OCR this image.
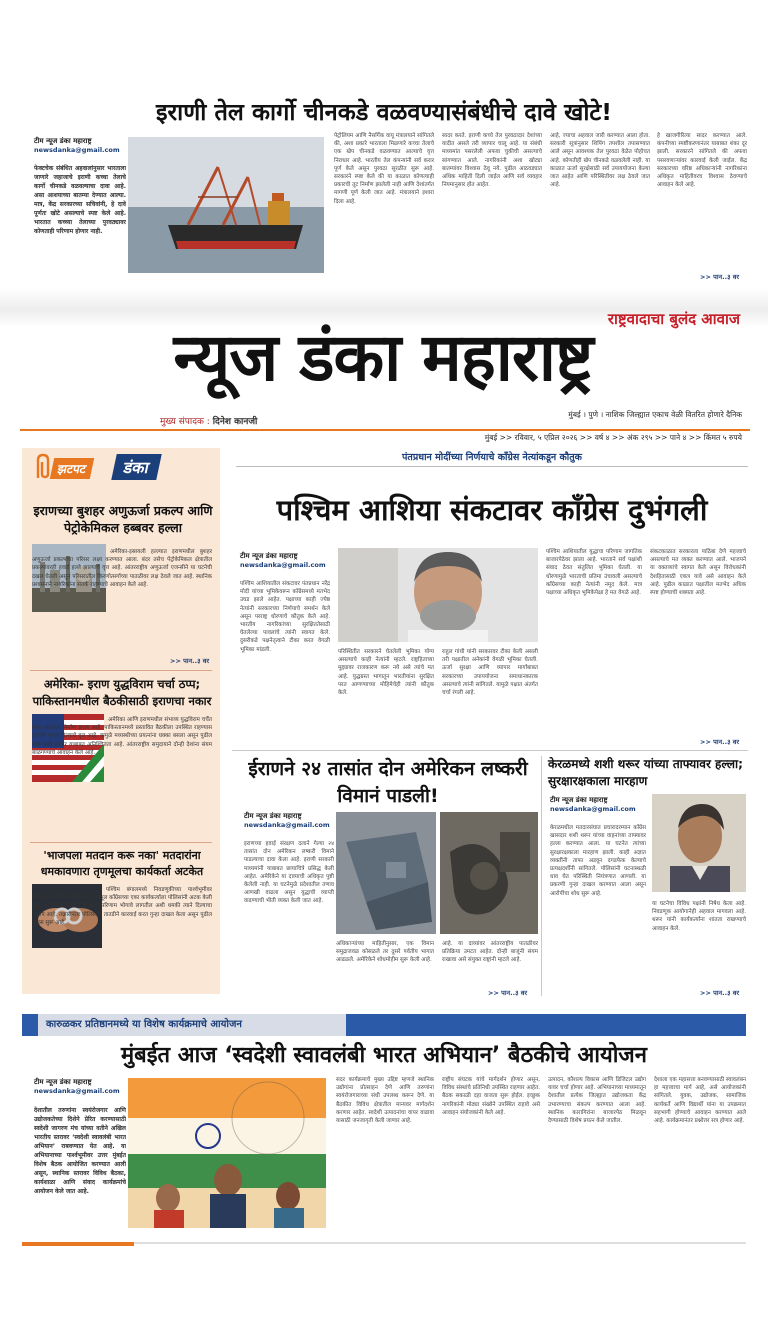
इराणी तेल कार्गो चीनकडे वळवण्यासंबंधीचे दावे खोटे!
टीम न्यूज डंका महाराष्ट्र
newsdanka@gmail.com
फेक्टचेक संबंधित अहवालांनुसार भारताला जाणारे जहाजाचे इराणी कच्चा तेलाचे कार्गो चीनकडे वळवल्याचा दावा आहे. असा आशयाच्या बातम्या देण्यात आल्या. मात्र, केंद्र सरकारच्या सचिवांनी, हे दावे पूर्णतः खोटे असल्याचे स्पष्ट केले आहे. भारतात कच्च्या तेलाच्या पुरवठ्यावर कोणताही परिणाम होणार नाही.
पेट्रोलियम आणि नैसर्गिक वायू मंत्रालयाने सांगितले की, अशा प्रकारे भारताला मिळणारे कच्चा तेलाचे एक खेप चीनकडे वळवण्यात आल्याचे वृत्त निराधार आहे. भारतीय तेल कंपन्यांनी सर्व करार पूर्ण केले असून पुरवठा सुरळीत सुरू आहे. सरकारने स्पष्ट केले की या काळात कोणत्याही प्रकारची तूट निर्माण झालेली नाही आणि देशांतर्गत मागणी पूर्ण केली जात आहे. मंत्रालयाने इशारा दिला आहे.
सादर करते. इराणी कच्चे तेल पुरवठादार देशांच्या यादीत असले तरी व्यापार चालू आहे. या संबंधी माध्यमांत पसरलेली अफवा चुकीची असल्याचे सांगण्यात आले. नागरिकांनी अशा खोट्या बातम्यांवर विश्वास ठेवू नये. पुढील आठवड्यात अधिक माहिती दिली जाईल आणि सर्व व्यवहार नियमानुसार होत आहेत.
आहे, ज्याचा अहवाल जारी करण्यात आला होता. सरकारी सूत्रांनुसार शिपिंग तपशील तपासण्यात आले असून आवश्यक तेल पुरवठा वेळेत पोहोचत आहे. कोणतीही खेप चीनकडे वळवलेली नाही. या काळात ऊर्जा सुरक्षेसाठी सर्व उपाययोजना केल्या जात आहेत आणि परिस्थितीवर लक्ष ठेवले जात आहे.
हे खाजगीरित्या सादर करण्यात आले. कंपनीच्या स्पष्टीकरणानंतर याबाबत शंका दूर झाली. सरकारने सांगितले की अफवा पसरवणाऱ्यांवर कारवाई केली जाईल. केंद्र सरकारच्या वरिष्ठ अधिकाऱ्यांनी नागरिकांना अधिकृत माहितीवरच विश्वास ठेवण्याचे आवाहन केले आहे.
>> पान..३ वर
राष्ट्रवादाचा बुलंद आवाज
न्यूज डंका महाराष्ट्र
मुख्य संपादक : दिनेश कानजी
मुंबई । पुणे । नाशिक जिल्ह्यात एकाच वेळी वितरित होणारे दैनिक
मुंबई >> रविवार, ५ एप्रिल २०२६ >> वर्ष ४ >> अंक २९५ >> पाने ४ >> किंमत ५ रुपये
झटपट	डंका
इराणच्या बुशहर अणुऊर्जा प्रकल्प आणि पेट्रोकेमिकल हब्बवर हल्ला
अमेरिका-इस्रायली हल्ल्यात इराणमधील बुशहर अणुऊर्जा प्रकल्पाचा परिसर लक्ष्य करण्यात आला. बंदर तसेच पेट्रोकेमिकल क्षेत्रातील प्रकल्पांवरही हवाई हल्ले झाल्याचे वृत्त आहे. आंतरराष्ट्रीय अणुऊर्जा एजन्सीने या घटनेची दखल घेतली असून परिसरातील किरणोत्सर्गाच्या पातळीवर लक्ष ठेवले जात आहे. स्थानिक प्रशासनाने नागरिकांना सतर्क राहण्याचे आवाहन केले आहे.
>> पान..३ वर
अमेरिका- इराण युद्धविराम चर्चा ठप्प; पाकिस्तानमधील बैठकीसाठी इराणचा नकार
अमेरिका आणि इराणमधील संभाव्य युद्धविराम चर्चेत मोठा अडथळा निर्माण झाला आहे. पाकिस्तानमध्ये प्रस्तावित बैठकीला उपस्थित राहण्यास इराणने नकार दिल्याचे वृत्त आहे. यामुळे मध्यस्थीच्या प्रयत्नांना धक्का बसला असून पुढील चर्चा कधी होणार याबाबत अनिश्चितता आहे. आंतरराष्ट्रीय समुदायाने दोन्ही देशांना संयम बाळगण्याचे आवाहन केले आहे.
'भाजपला मतदान करू नका' मतदारांना धमकावणारा तृणमूलचा कार्यकर्ता अटकेत
पश्चिम बंगालमध्ये निवडणुकीच्या पार्श्वभूमीवर मतदारांना धमकावल्याप्रकरणी तृणमूल काँग्रेसच्या एका कार्यकर्त्याला पोलिसांनी अटक केली आहे. भाजपला मतदान केल्यास परिणाम भोगावे लागतील अशी धमकी त्याने दिल्याचा आरोप आहे. तक्रारीनंतर पोलिसांनी तातडीने कारवाई करत गुन्हा दाखल केला असून पुढील तपास सुरू आहे.
पंतप्रधान मोदींच्या निर्णयाचे काँग्रेस नेत्यांकडून कौतुक
पश्चिम आशिया संकटावर काँग्रेस दुभंगली
टीम न्यूज डंका महाराष्ट्र
newsdanka@gmail.com
पश्चिम आशियातील संकटावर पंतप्रधान नरेंद्र मोदी यांच्या भूमिकेवरून काँग्रेसमध्ये मतभेद उघड झाले आहेत. पक्षाच्या काही ज्येष्ठ नेत्यांनी सरकारच्या निर्णयाचे समर्थन केले असून परराष्ट्र धोरणाचे कौतुक केले आहे. भारतीय नागरिकांच्या सुरक्षिततेसाठी घेतलेल्या पावलांचे त्यांनी स्वागत केले. दुसरीकडे पक्षनेतृत्वाने टीका करत वेगळी भूमिका मांडली.	परिस्थितीत सरकारने घेतलेली भूमिका योग्य असल्याचे काही नेत्यांनी म्हटले. राष्ट्रहिताच्या मुद्द्यावर राजकारण करू नये असे त्यांचे मत आहे. युद्धग्रस्त भागातून भारतीयांना सुरक्षित परत आणण्याच्या मोहिमेचेही त्यांनी कौतुक केले.
राहुल गांधी यांनी सरकारवर टीका केली असली तरी पक्षातील अनेकांनी वेगळी भूमिका घेतली. ऊर्जा सुरक्षा आणि व्यापार मार्गांबाबत सरकारच्या उपाययोजना समाधानकारक असल्याचे त्यांनी सांगितले. यामुळे पक्षात अंतर्गत चर्चा रंगली आहे.
पश्चिम आशियातील युद्धाचा परिणाम जागतिक बाजारपेठेवर झाला आहे. भारताने सर्व पक्षांशी संवाद ठेवत संतुलित भूमिका घेतली. या धोरणामुळे भारताची प्रतिमा उंचावली असल्याचे काँग्रेसच्या काही नेत्यांनी नमूद केले. मात्र पक्षाच्या अधिकृत भूमिकेपेक्षा हे मत वेगळे आहे.
संकटकाळात सरकारला पाठिंबा देणे महत्त्वाचे असल्याचे मत व्यक्त करण्यात आले. भाजपने या वक्तव्यांचे स्वागत केले असून विरोधकांनी देशहितासाठी एकत्र यावे असे आवाहन केले आहे. पुढील काळात पक्षातील मतभेद अधिक स्पष्ट होण्याची शक्यता आहे.
>> पान..३ वर
ईराणने २४ तासांत दोन अमेरिकन लष्करी विमानं पाडली!
टीम न्यूज डंका महाराष्ट्र
newsdanka@gmail.com
इराणच्या हवाई संरक्षण दलाने गेल्या २४ तासांत दोन अमेरिकन लष्करी विमाने पाडल्याचा दावा केला आहे. इराणी सरकारी माध्यमांनी याबाबत छायाचित्रे प्रसिद्ध केली आहेत. अमेरिकेने या दाव्याची अधिकृत पुष्टी केलेली नाही. या घटनेमुळे प्रदेशातील तणाव आणखी वाढला असून युद्धाची व्याप्ती वाढण्याची भीती व्यक्त केली जात आहे.
अधिकाऱ्यांच्या माहितीनुसार, एक विमान समुद्राजवळ कोसळले तर दुसरे पर्वतीय भागात आढळले. अमेरिकेने शोधमोहीम सुरू केली आहे.
आहे. या दाव्यांवर आंतरराष्ट्रीय पातळीवर प्रतिक्रिया उमटत आहेत. दोन्ही बाजूंनी संयम राखावा असे संयुक्त राष्ट्रांनी म्हटले आहे.
>> पान..३ वर
केरळमध्ये शशी थरूर यांच्या ताफ्यावर हल्ला; सुरक्षारक्षकाला मारहाण
टीम न्यूज डंका महाराष्ट्र
newsdanka@gmail.com
केरळमधील मतदारसंघात प्रचारादरम्यान काँग्रेस खासदार शशी थरूर यांच्या वाहनांच्या ताफ्यावर हल्ला करण्यात आला. या घटनेत त्यांच्या सुरक्षारक्षकाला मारहाण झाली. काही अज्ञात व्यक्तींनी ताफा अडवून दगडफेक केल्याचे प्रत्यक्षदर्शींनी सांगितले. पोलिसांनी घटनास्थळी धाव घेत परिस्थिती नियंत्रणात आणली. या प्रकरणी गुन्हा दाखल करण्यात आला असून आरोपींचा शोध सुरू आहे.
या घटनेचा विविध पक्षांनी निषेध केला आहे. निवडणूक आयोगानेही अहवाल मागवला आहे. थरूर यांनी कार्यकर्त्यांना शांतता राखण्याचे आवाहन केले.
>> पान..३ वर
कारुळकर प्रतिष्ठानमध्ये या विशेष कार्यक्रमाचे आयोजन
मुंबईत आज ‘स्वदेशी स्वावलंबी भारत अभियान’ बैठकीचे आयोजन
टीम न्यूज डंका महाराष्ट्र
newsdanka@gmail.com
देशातील तरुणांना स्वयंरोजगार आणि उद्योजकतेच्या दिशेने प्रेरित करण्यासाठी स्वदेशी जागरण मंच यांच्या वतीने अखिल भारतीय स्तरावर ‘स्वदेशी स्वावलंबी भारत अभियान’ राबवण्यात येत आहे. या अभियानाच्या पार्श्वभूमीवर उत्तर मुंबईत विशेष बैठक आयोजित करण्यात आली असून, स्थानिक स्तरावर विविध बैठका, कार्यशाळा आणि संवाद कार्यक्रमांचे आयोजन केले जात आहे.
सदर कार्यक्रमाचे मुख्य उद्दिष्ट म्हणजे स्थानिक उद्योगांना प्रोत्साहन देणे आणि तरुणांना स्वयंरोजगाराच्या संधी उपलब्ध करून देणे. या बैठकीत विविध क्षेत्रातील मान्यवर मार्गदर्शन करणार आहेत. स्वदेशी उत्पादनांचा वापर वाढावा यासाठी जनजागृती केली जाणार आहे.
राष्ट्रीय संघटक यांचे मार्गदर्शन होणार असून, विविध संस्थांचे प्रतिनिधी उपस्थित राहणार आहेत. बैठक सकाळी दहा वाजता सुरू होईल. इच्छुक नागरिकांनी मोठ्या संख्येने उपस्थित राहावे असे आवाहन संयोजकांनी केले आहे.
उत्पादन, कौशल्य विकास आणि डिजिटल उद्योग यावर चर्चा होणार आहे. अभियानाच्या माध्यमातून देशातील प्रत्येक जिल्ह्यात उद्योजकता केंद्र उभारण्याचा संकल्प करण्यात आला आहे. स्थानिक कारागिरांना बाजारपेठ मिळवून देण्यासाठी विशेष प्रयत्न केले जातील.
देशाला एक महासत्ता बनवण्यासाठी स्वावलंबन हा महत्त्वाचा मार्ग आहे, असे आयोजकांनी सांगितले. युवक, उद्योजक, सामाजिक कार्यकर्ते आणि विद्यार्थी यांना या उपक्रमात सहभागी होण्याचे आवाहन करण्यात आले आहे. कार्यक्रमानंतर प्रश्नोत्तर सत्र होणार आहे.
